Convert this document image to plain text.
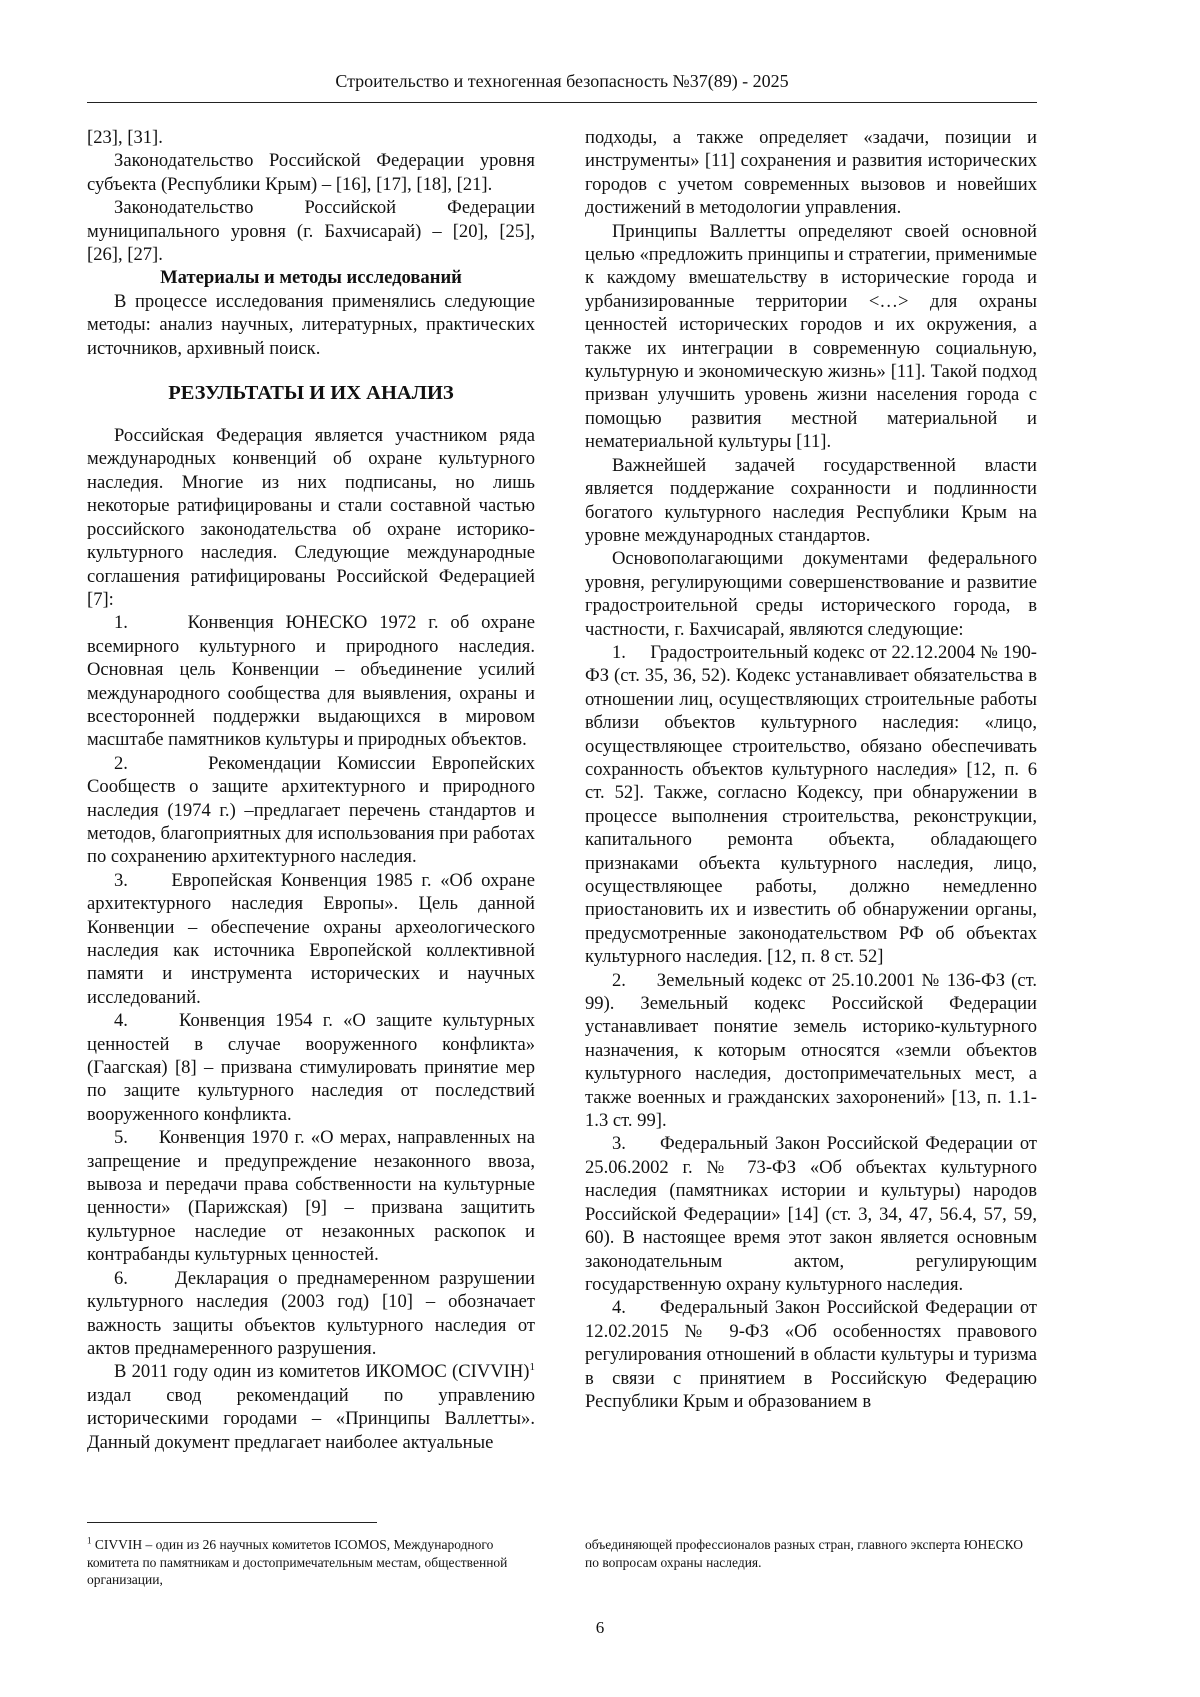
Строительство и техногенная безопасность №37(89) - 2025

[23], [31].

Законодательство Российской Федерации уровня субъекта (Республики Крым) – [16], [17], [18], [21].

Законодательство Российской Федерации муниципального уровня (г. Бахчисарай) – [20], [25], [26], [27].

Материалы и методы исследований

В процессе исследования применялись следующие методы: анализ научных, литературных, практических источников, архивный поиск.

РЕЗУЛЬТАТЫ И ИХ АНАЛИЗ

Российская Федерация является участником ряда международных конвенций об охране культурного наследия. Многие из них подписаны, но лишь некоторые ратифицированы и стали составной частью российского законодательства об охране историко-культурного наследия. Следующие международные соглашения ратифицированы Российской Федерацией [7]:

1.     Конвенция ЮНЕСКО 1972 г. об охране всемирного культурного и природного наследия. Основная цель Конвенции – объединение усилий международного сообщества для выявления, охраны и всесторонней поддержки выдающихся в мировом масштабе памятников культуры и природных объектов.

2.     Рекомендации Комиссии Европейских Сообществ о защите архитектурного и природного наследия (1974 г.) –предлагает перечень стандартов и методов, благоприятных для использования при работах по сохранению архитектурного наследия.

3.     Европейская Конвенция 1985 г. «Об охране архитектурного наследия Европы». Цель данной Конвенции – обеспечение охраны археологического наследия как источника Европейской коллективной памяти и инструмента исторических и научных исследований.

4.     Конвенция 1954 г. «О защите культурных ценностей в случае вооруженного конфликта» (Гаагская) [8] – призвана стимулировать принятие мер по защите культурного наследия от последствий вооруженного конфликта.

5.     Конвенция 1970 г. «О мерах, направленных на запрещение и предупреждение незаконного ввоза, вывоза и передачи права собственности на культурные ценности» (Парижская) [9] – призвана защитить культурное наследие от незаконных раскопок и контрабанды культурных ценностей.

6.     Декларация о преднамеренном разрушении культурного наследия (2003 год) [10] – обозначает важность защиты объектов культурного наследия от актов преднамеренного разрушения.

В 2011 году один из комитетов ИКОМОС (CIVVIH)$^1$ издал свод рекомендаций по управлению историческими городами – «Принципы Валлетты». Данный документ предлагает наиболее актуальные

подходы, а также определяет «задачи, позиции и инструменты» [11] сохранения и развития исторических городов с учетом современных вызовов и новейших достижений в методологии управления.

Принципы Валлетты определяют своей основной целью «предложить принципы и стратегии, применимые к каждому вмешательству в исторические города и урбанизированные территории <…> для охраны ценностей исторических городов и их окружения, а также их интеграции в современную социальную, культурную и экономическую жизнь» [11]. Такой подход призван улучшить уровень жизни населения города с помощью развития местной материальной и нематериальной культуры [11].

Важнейшей задачей государственной власти является поддержание сохранности и подлинности богатого культурного наследия Республики Крым на уровне международных стандартов.

Основополагающими документами федерального уровня, регулирующими совершенствование и развитие градостроительной среды исторического города, в частности, г. Бахчисарай, являются следующие:

1.     Градостроительный кодекс от 22.12.2004 № 190-ФЗ (ст. 35, 36, 52). Кодекс устанавливает обязательства в отношении лиц, осуществляющих строительные работы вблизи объектов культурного наследия: «лицо, осуществляющее строительство, обязано обеспечивать сохранность объектов культурного наследия» [12, п. 6 ст. 52]. Также, согласно Кодексу, при обнаружении в процессе выполнения строительства, реконструкции, капитального ремонта объекта, обладающего признаками объекта культурного наследия, лицо, осуществляющее работы, должно немедленно приостановить их и известить об обнаружении органы, предусмотренные законодательством РФ об объектах культурного наследия. [12, п. 8 ст. 52]

2.     Земельный кодекс от 25.10.2001 № 136-ФЗ (ст. 99). Земельный кодекс Российской Федерации устанавливает понятие земель историко-культурного назначения, к которым относятся «земли объектов культурного наследия, достопримечательных мест, а также военных и гражданских захоронений» [13, п. 1.1-1.3 ст. 99].

3.     Федеральный Закон Российской Федерации от 25.06.2002 г. № 73-ФЗ «Об объектах культурного наследия (памятниках истории и культуры) народов Российской Федерации» [14] (ст. 3, 34, 47, 56.4, 57, 59, 60). В настоящее время этот закон является основным законодательным актом, регулирующим государственную охрану культурного наследия.

4.     Федеральный Закон Российской Федерации от 12.02.2015 № 9-ФЗ «Об особенностях правового регулирования отношений в области культуры и туризма в связи с принятием в Российскую Федерацию Республики Крым и образованием в

$^1$ CIVVIH – один из 26 научных комитетов ICOMOS, Международного комитета по памятникам и достопримечательным местам, общественной организации,
объединяющей профессионалов разных стран, главного эксперта ЮНЕСКО по вопросам охраны наследия.
6
